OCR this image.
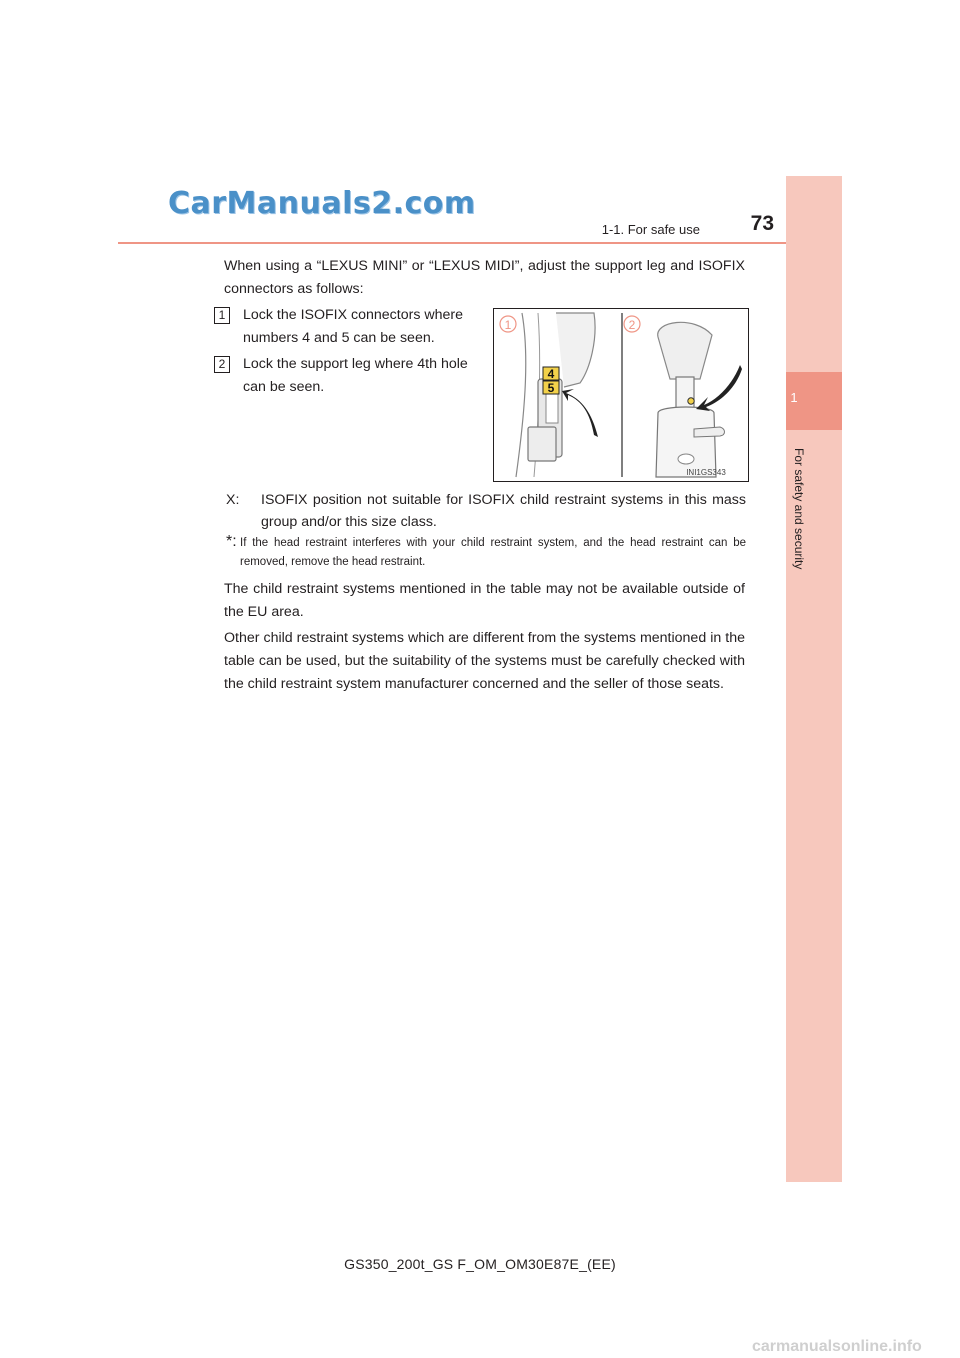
CarManuals2.com
1-1. For safe use	73
1
For safety and security
When using a “LEXUS MINI” or “LEXUS MIDI”, adjust the support leg and ISOFIX connectors as follows:
1	Lock the ISOFIX connectors where numbers 4 and 5 can be seen.
2	Lock the support leg where 4th hole can be seen.
4
5
1	2
INI1GS343
X: ISOFIX position not suitable for ISOFIX child restraint systems in this mass group and/or this size class.
*: If the head restraint interferes with your child restraint system, and the head restraint can be removed, remove the head restraint.
The child restraint systems mentioned in the table may not be available outside of the EU area.
Other child restraint systems which are different from the systems mentioned in the table can be used, but the suitability of the systems must be carefully checked with the child restraint system manufacturer concerned and the seller of those seats.
GS350_200t_GS F_OM_OM30E87E_(EE)
carmanualsonline.info
